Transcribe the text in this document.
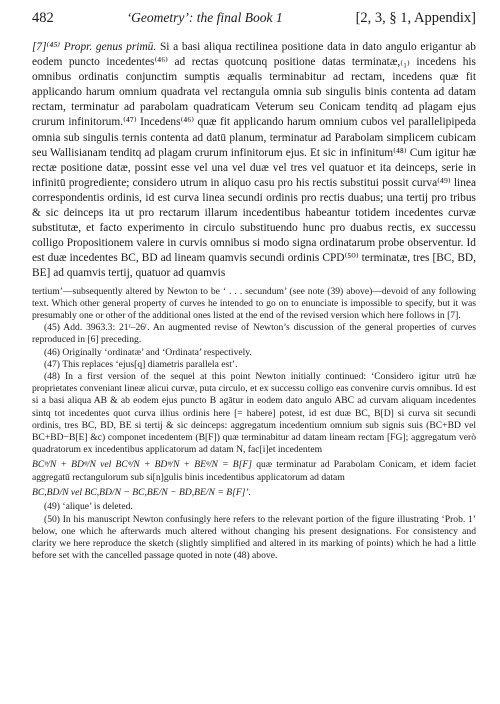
482	‘Geometry’: the final Book 1	[2, 3, § 1, Appendix]

[7]⁽⁴⁵⁾ Propr. genus primū. Si a basi aliqua rectilinea positione data in dato angulo erigantur ab eodem puncto incedentes⁽⁴⁶⁾ ad rectas quotcunq positione datas terminatæ,₍₁₎ incedens his omnibus ordinatis conjunctim sumptis æqualis terminabitur ad rectam, incedens quæ fit applicando harum omnium quadrata vel rectangula omnia sub singulis binis contenta ad datam rectam, terminatur ad parabolam quadraticam Veterum seu Conicam tenditq ad plagam ejus crurum infinitorum.⁽⁴⁷⁾ Incedens⁽⁴⁶⁾ quæ fit applicando harum omnium cubos vel parallelipipeda omnia sub singulis ternis contenta ad datū planum, terminatur ad Parabolam simplicem cubicam seu Wallisianam tenditq ad plagam crurum infinitorum ejus. Et sic in infinitum⁽⁴⁸⁾ Cum igitur hæ rectæ positione datæ, possint esse vel una vel duæ vel tres vel quatuor et ita deinceps, serie in infinitū progrediente; considero utrum in aliquo casu pro his rectis substitui possit curva⁽⁴⁹⁾ linea correspondentis ordinis, id est curva linea secundi ordinis pro rectis duabus; una tertij pro tribus & sic deinceps ita ut pro rectarum illarum incedentibus habeantur totidem incedentes curvæ substitutæ, et facto experimento in circulo substituendo hunc pro duabus rectis, ex successu colligo Propositionem valere in curvis omnibus si modo signa ordinatarum probe observentur. Id est duæ incedentes BC, BD ad lineam quamvis secundi ordinis CPD⁽⁵⁰⁾ terminatæ, tres [BC, BD, BE] ad quamvis tertij, quatuor ad quamvis

tertium’—subsequently altered by Newton to be ‘ . . . secundum’ (see note (39) above)—devoid of any following text. Which other general property of curves he intended to go on to enunciate is impossible to specify, but it was presumably one or other of the additional ones listed at the end of the revised version which here follows in [7].

(45) Add. 3963.3: 21ʳ–26ʳ. An augmented revise of Newton’s discussion of the general properties of curves reproduced in [6] preceding.

(46) Originally ‘ordinatæ’ and ‘Ordinata’ respectively.

(47) This replaces ‘ejus[q] diametris parallela est’.

(48) In a first version of the sequel at this point Newton initially continued: ‘Considero igitur utrū hæ proprietates conveniant lineæ alicui curvæ, puta circulo, et ex successu colligo eas convenire curvis omnibus. Id est si a basi aliqua AB & ab eodem ejus puncto B agātur in eodem dato angulo ABC ad curvam aliquam incedentes sintq tot incedentes quot curva illius ordinis here [= habere] potest, id est duæ BC, B[D] si curva sit secundi ordinis, tres BC, BD, BE si tertij & sic deinceps: aggregatum incedentium omnium sub signis suis (BC+BD vel BC+BD−B[E] &c) componet incedentem (B[F]) quæ terminabitur ad datam lineam rectam [FG]; aggregatum verò quadratorum ex incedentibus applicatorum ad datam N, fac[i]et incedentem

BCᵠ/N + BDᵠ/N vel BCᵠ/N + BDᵠ/N + BEᵠ/N = B[F] quæ terminatur ad Parabolam Conicam, et idem faciet aggregatū rectangulorum sub si[n]gulis binis incedentibus applicatorum ad datam

BC,BD/N vel BC,BD/N − BC,BE/N − BD,BE/N = B[F]’.

(49) ‘alique’ is deleted.

(50) In his manuscript Newton confusingly here refers to the relevant portion of the figure illustrating ‘Prob. 1’ below, one which he afterwards much altered without changing his present designations. For consistency and clarity we here reproduce the sketch (slightly simplified and altered in its marking of points) which he had a little before set with the cancelled passage quoted in note (48) above.
